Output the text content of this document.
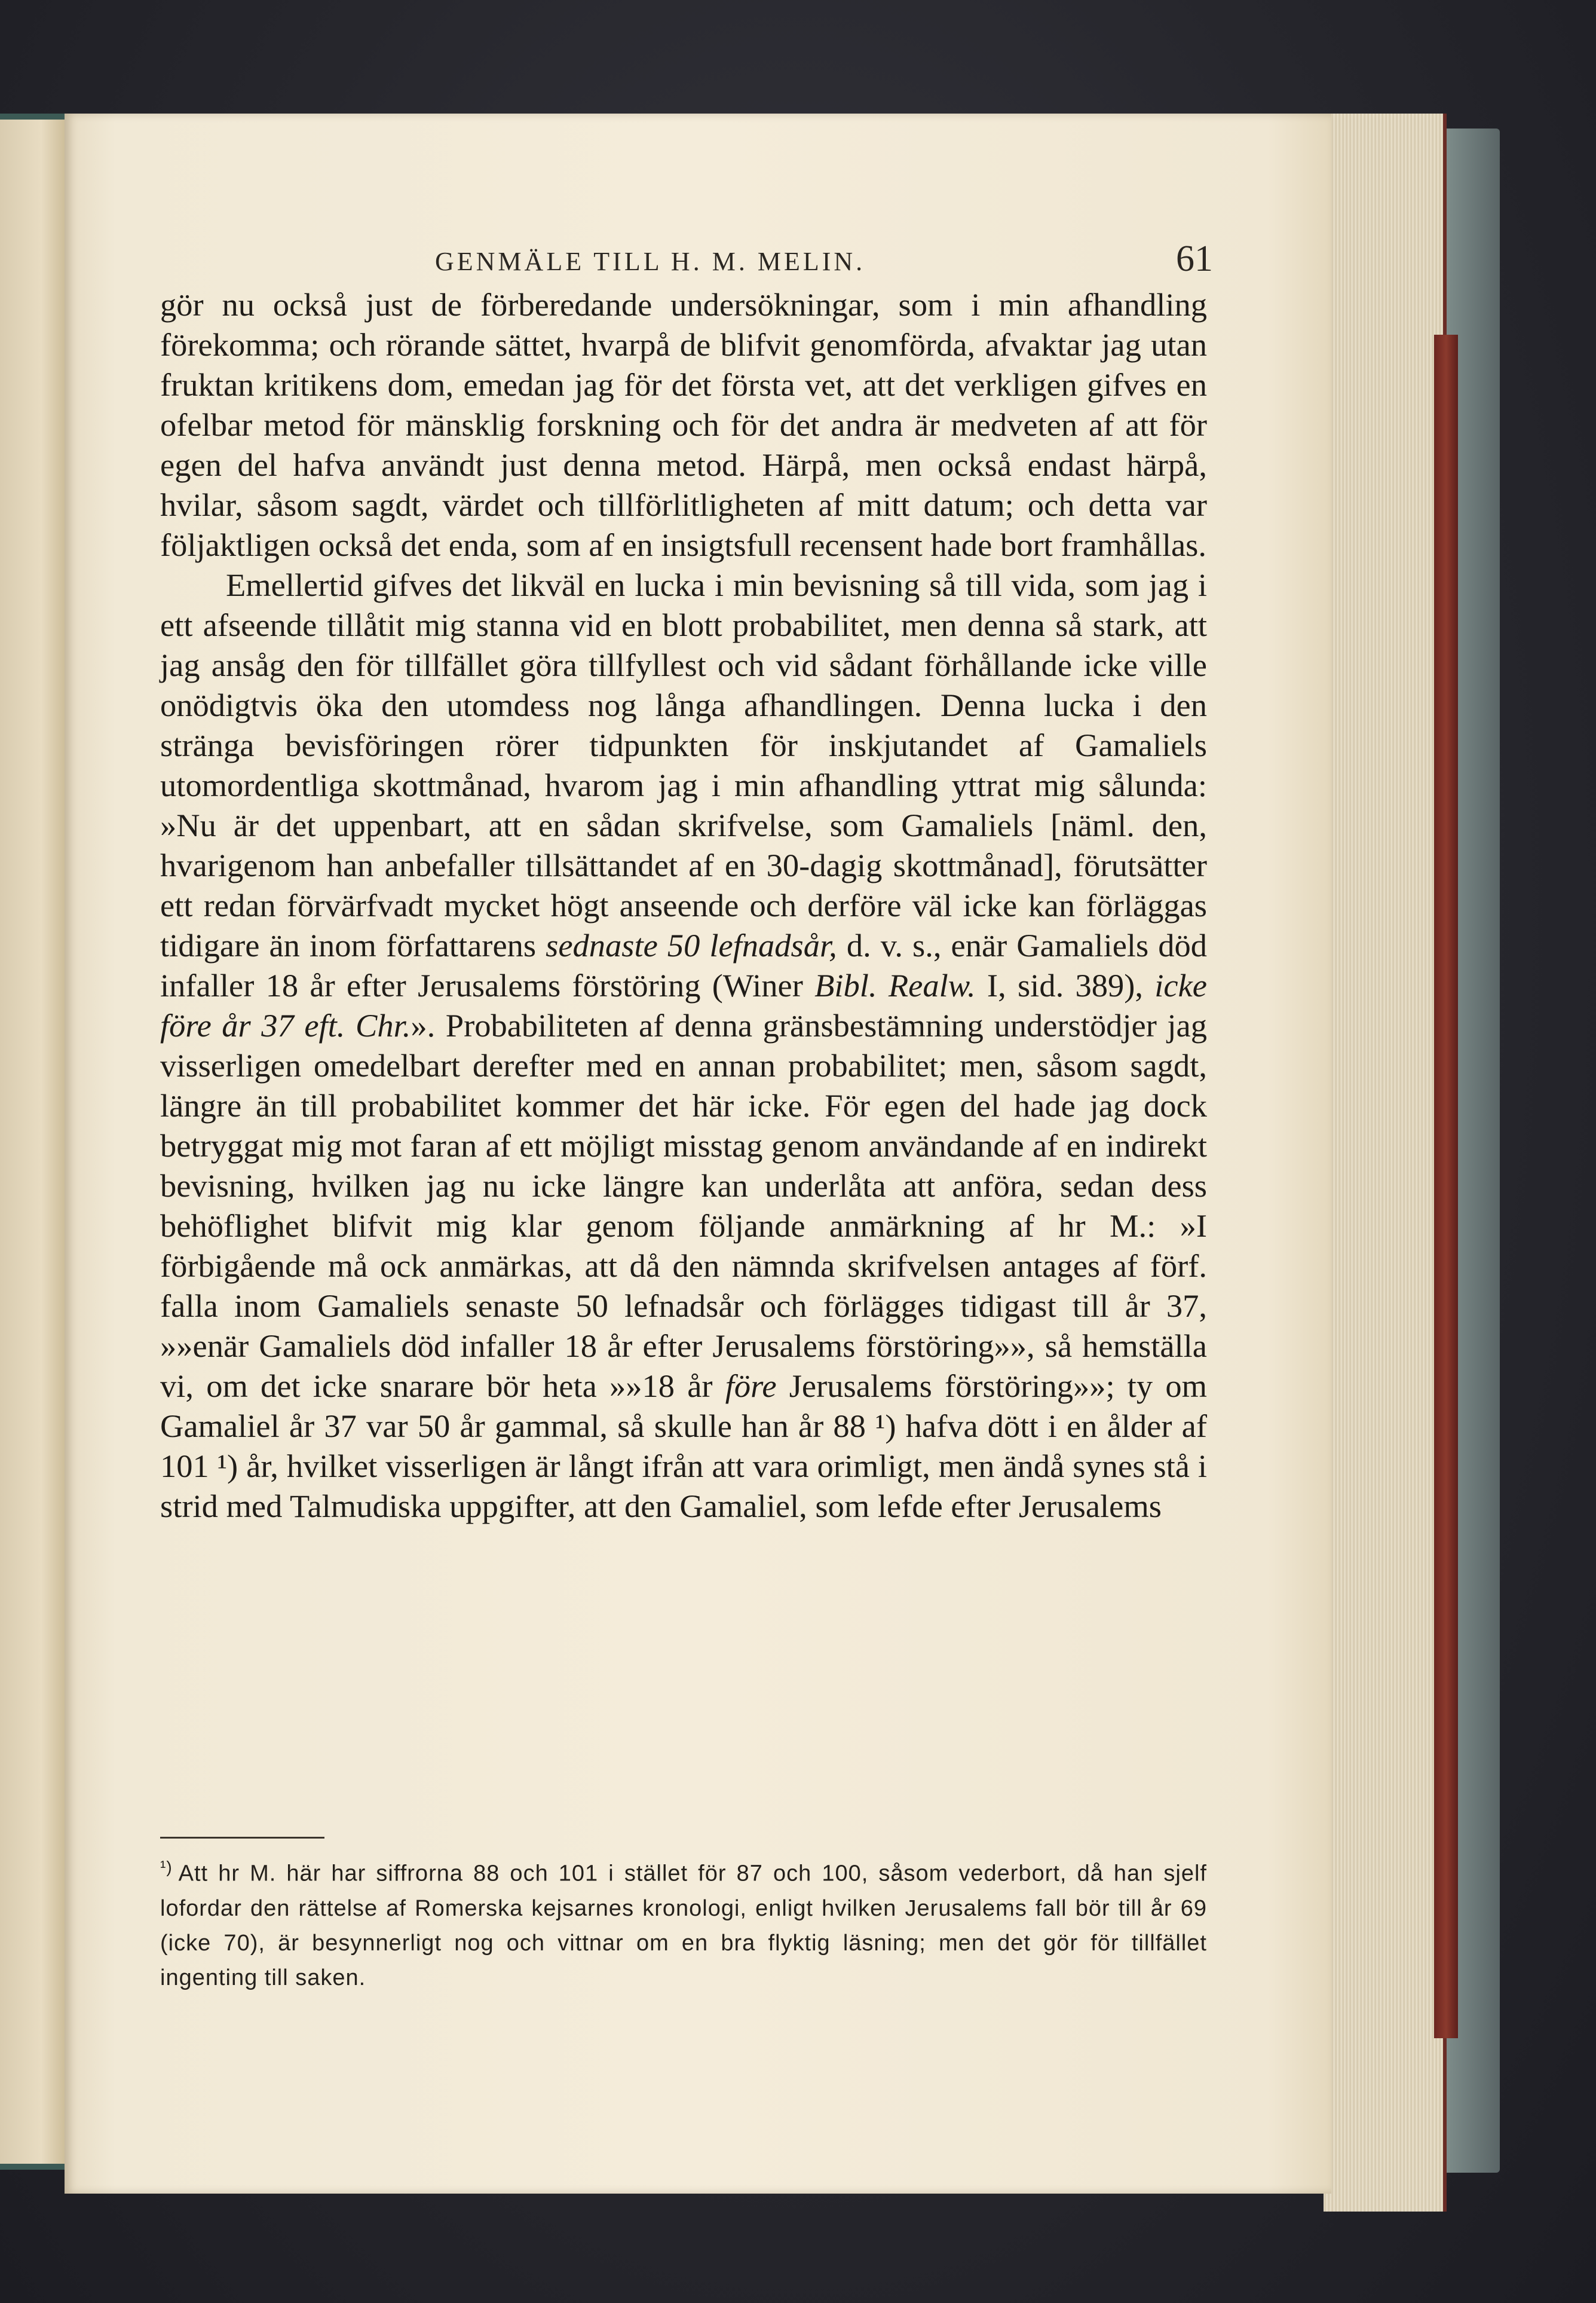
GENMÄLE TILL H. M. MELIN.	61

gör nu också just de förberedande undersökningar, som i min afhandling förekomma; och rörande sättet, hvarpå de blifvit genomförda, afvaktar jag utan fruktan kritikens dom, emedan jag för det första vet, att det verkligen gifves en ofelbar metod för mänsklig forskning och för det andra är medveten af att för egen del hafva användt just denna metod. Härpå, men också endast härpå, hvilar, såsom sagdt, värdet och tillförlitligheten af mitt datum; och detta var följaktligen också det enda, som af en insigtsfull recensent hade bort framhållas.

Emellertid gifves det likväl en lucka i min bevisning så till vida, som jag i ett afseende tillåtit mig stanna vid en blott probabilitet, men denna så stark, att jag ansåg den för tillfället göra tillfyllest och vid sådant förhållande icke ville onödigtvis öka den utomdess nog långa afhandlingen. Denna lucka i den stränga bevisföringen rörer tidpunkten för inskjutandet af Gamaliels utomordentliga skottmånad, hvarom jag i min afhandling yttrat mig sålunda: »Nu är det uppenbart, att en sådan skrifvelse, som Gamaliels [näml. den, hvarigenom han anbefaller tillsättandet af en 30-dagig skottmånad], förutsätter ett redan förvärfvadt mycket högt anseende och derföre väl icke kan förläggas tidigare än inom författarens sednaste 50 lefnadsår, d. v. s., enär Gamaliels död infaller 18 år efter Jerusalems förstöring (Winer Bibl. Realw. I, sid. 389), icke före år 37 eft. Chr.». Probabiliteten af denna gränsbestämning understödjer jag visserligen omedelbart derefter med en annan probabilitet; men, såsom sagdt, längre än till probabilitet kommer det här icke. För egen del hade jag dock betryggat mig mot faran af ett möjligt misstag genom användande af en indirekt bevisning, hvilken jag nu icke längre kan underlåta att anföra, sedan dess behöflighet blifvit mig klar genom följande anmärkning af hr M.: »I förbigående må ock anmärkas, att då den nämnda skrifvelsen antages af förf. falla inom Gamaliels senaste 50 lefnadsår och förlägges tidigast till år 37, »»enär Gamaliels död infaller 18 år efter Jerusalems förstöring»», så hemställa vi, om det icke snarare bör heta »»18 år före Jerusalems förstöring»»; ty om Gamaliel år 37 var 50 år gammal, så skulle han år 88 ¹) hafva dött i en ålder af 101 ¹) år, hvilket visserligen är långt ifrån att vara orimligt, men ändå synes stå i strid med Talmudiska uppgifter, att den Gamaliel, som lefde efter Jerusalems

$^{^1)}$ Att hr M. här har siffrorna 88 och 101 i stället för 87 och 100, såsom vederbort, då han sjelf lofordar den rättelse af Romerska kejsarnes kronologi, enligt hvilken Jerusalems fall bör till år 69 (icke 70), är besynnerligt nog och vittnar om en bra flyktig läsning; men det gör för tillfället ingenting till saken.
